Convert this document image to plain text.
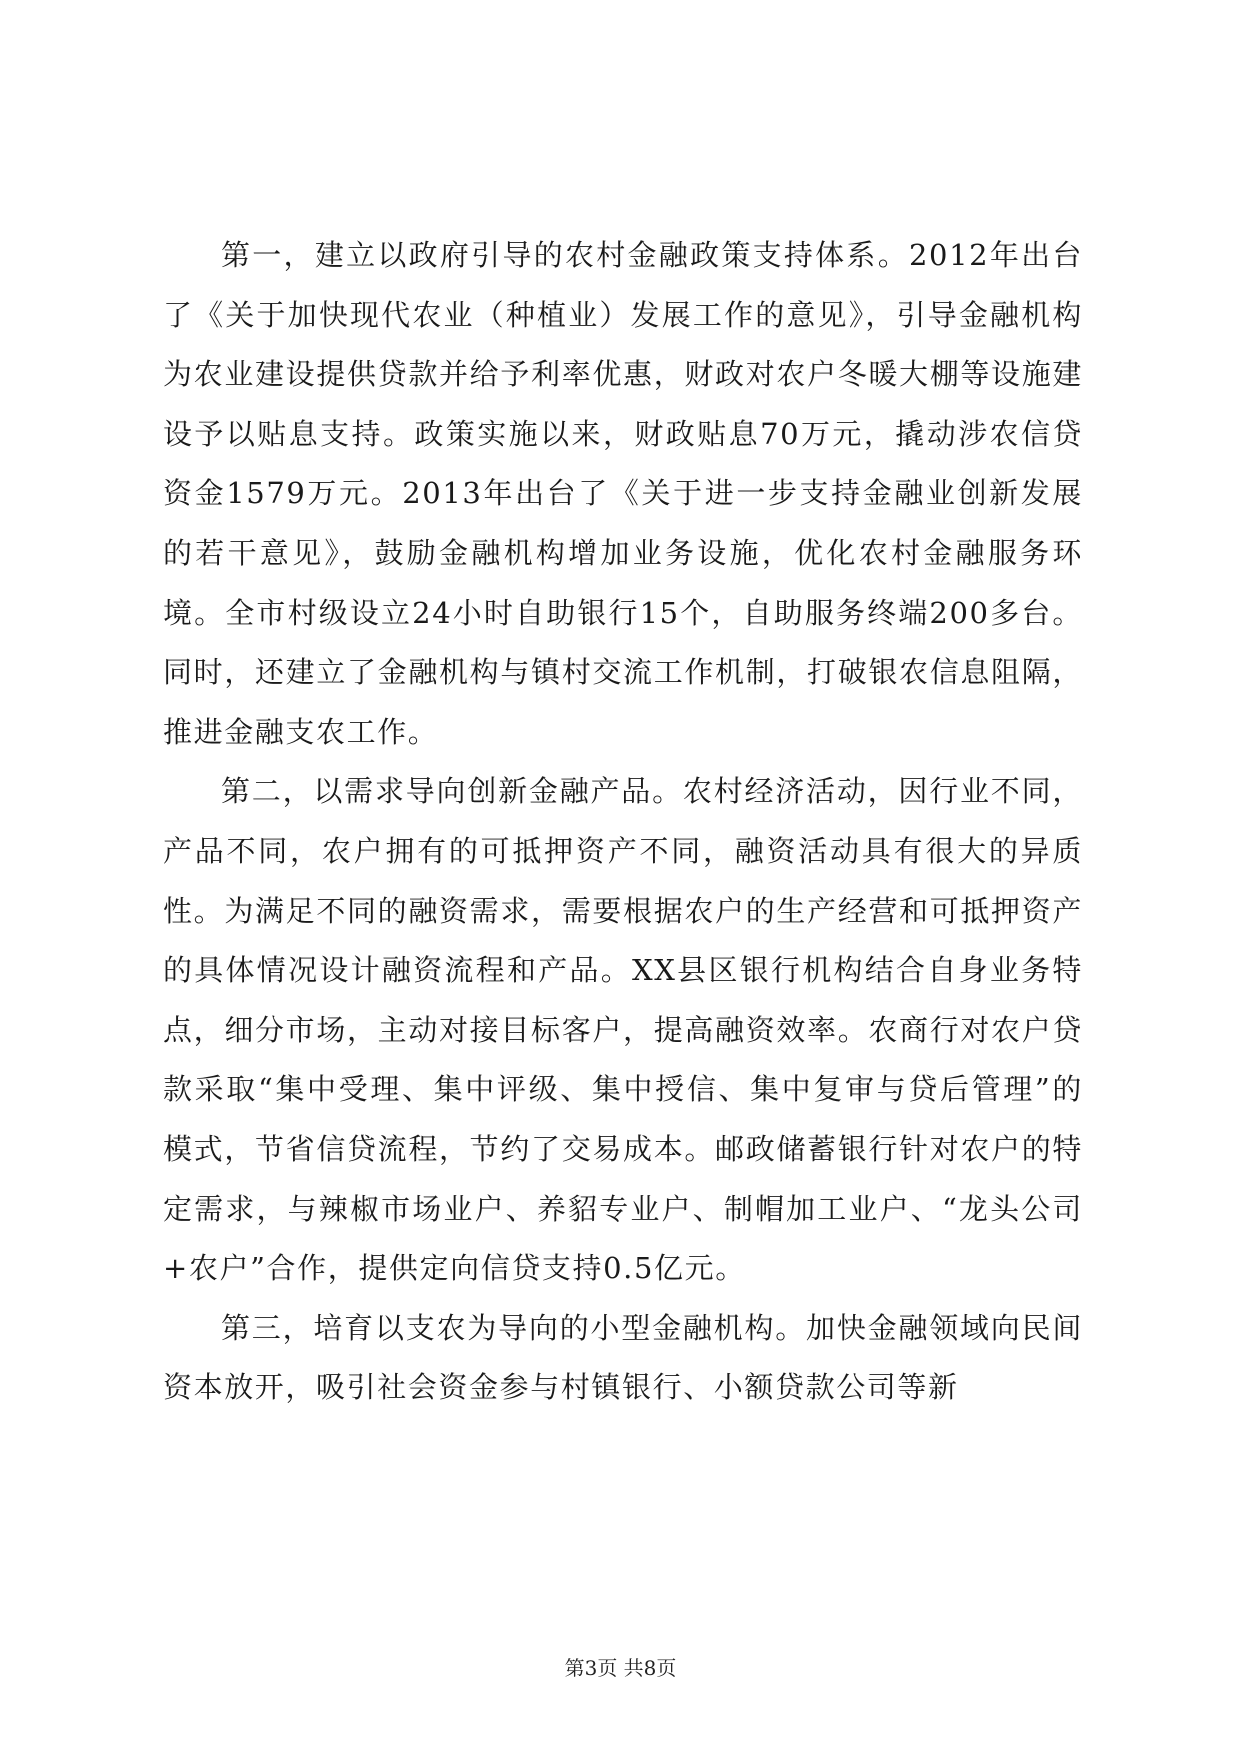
第一，建立以政府引导的农村金融政策支持体系。2012年出台了《关于加快现代农业（种植业）发展工作的意见》，引导金融机构为农业建设提供贷款并给予利率优惠，财政对农户冬暖大棚等设施建设予以贴息支持。政策实施以来，财政贴息70万元，撬动涉农信贷资金1579万元。2013年出台了《关于进一步支持金融业创新发展的若干意见》，鼓励金融机构增加业务设施，优化农村金融服务环境。全市村级设立24小时自助银行15个，自助服务终端200多台。同时，还建立了金融机构与镇村交流工作机制，打破银农信息阻隔，推进金融支农工作。

第二，以需求导向创新金融产品。农村经济活动，因行业不同，产品不同，农户拥有的可抵押资产不同，融资活动具有很大的异质性。为满足不同的融资需求，需要根据农户的生产经营和可抵押资产的具体情况设计融资流程和产品。XX县区银行机构结合自身业务特点，细分市场，主动对接目标客户，提高融资效率。农商行对农户贷款采取“集中受理、集中评级、集中授信、集中复审与贷后管理”的模式，节省信贷流程，节约了交易成本。邮政储蓄银行针对农户的特定需求，与辣椒市场业户、养貂专业户、制帽加工业户、“龙头公司+农户”合作，提供定向信贷支持0.5亿元。

第三，培育以支农为导向的小型金融机构。加快金融领域向民间资本放开，吸引社会资金参与村镇银行、小额贷款公司等新

第3页 共8页
